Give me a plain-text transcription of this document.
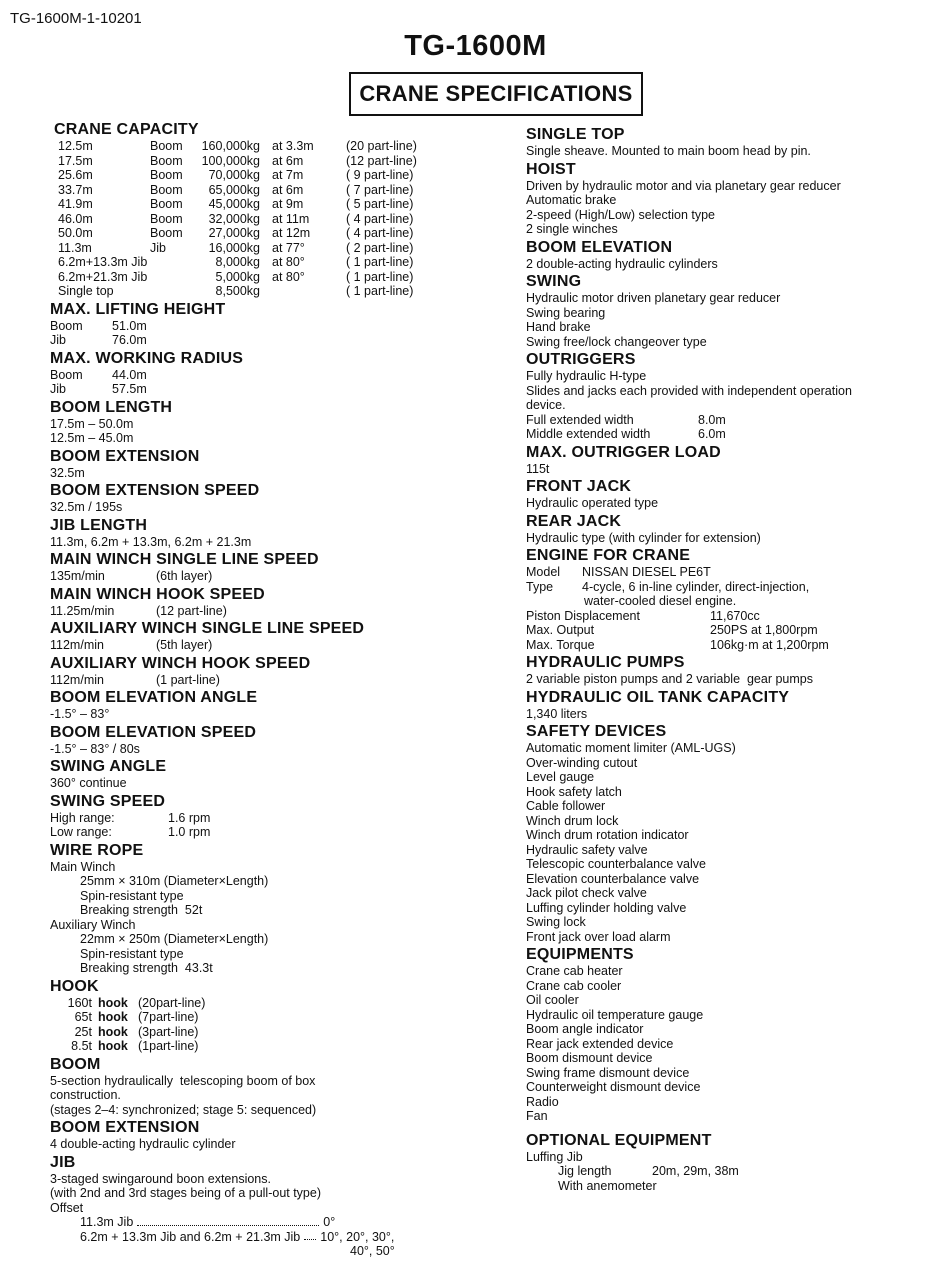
TG-1600M-1-10201
TG-1600M
CRANE SPECIFICATIONS
CRANE CAPACITY
12.5m	Boom	160,000kg	at 3.3m	(20 part-line)
17.5m	Boom	100,000kg	at 6m	(12 part-line)
25.6m	Boom	70,000kg	at 7m	( 9 part-line)
33.7m	Boom	65,000kg	at 6m	( 7 part-line)
41.9m	Boom	45,000kg	at 9m	( 5 part-line)
46.0m	Boom	32,000kg	at 11m	( 4 part-line)
50.0m	Boom	27,000kg	at 12m	( 4 part-line)
11.3m	Jib	16,000kg	at 77°	( 2 part-line)
6.2m+13.3m Jib		8,000kg	at 80°	( 1 part-line)
6.2m+21.3m Jib		5,000kg	at 80°	( 1 part-line)
Single top		8,500kg		( 1 part-line)
MAX. LIFTING HEIGHT
Boom	51.0m
Jib	76.0m
MAX. WORKING RADIUS
Boom	44.0m
Jib	57.5m
BOOM LENGTH
17.5m – 50.0m
12.5m – 45.0m
BOOM EXTENSION
32.5m
BOOM EXTENSION SPEED
32.5m / 195s
JIB LENGTH
11.3m, 6.2m + 13.3m, 6.2m + 21.3m
MAIN WINCH SINGLE LINE SPEED
135m/min	(6th layer)
MAIN WINCH HOOK SPEED
11.25m/min	(12 part-line)
AUXILIARY WINCH SINGLE LINE SPEED
112m/min	(5th layer)
AUXILIARY WINCH HOOK SPEED
112m/min	(1 part-line)
BOOM ELEVATION ANGLE
-1.5° – 83°
BOOM ELEVATION SPEED
-1.5° – 83° / 80s
SWING ANGLE
360° continue
SWING SPEED
High range:	1.6 rpm
Low range:	1.0 rpm
WIRE ROPE
Main Winch
25mm × 310m (Diameter×Length)
Spin-resistant type
Breaking strength  52t
Auxiliary Winch
22mm × 250m (Diameter×Length)
Spin-resistant type
Breaking strength  43.3t
HOOK
160t hook (20part-line)
65t hook (7part-line)
25t hook (3part-line)
8.5t hook (1part-line)
BOOM
5-section hydraulically  telescoping boom of box
construction.
(stages 2–4: synchronized; stage 5: sequenced)
BOOM EXTENSION
4 double-acting hydraulic cylinder
JIB
3-staged swingaround boon extensions.
(with 2nd and 3rd stages being of a pull-out type)
Offset
11.3m Jib	0°
6.2m + 13.3m Jib and 6.2m + 21.3m Jib 10°, 20°, 30°,
40°, 50°
SINGLE TOP
Single sheave. Mounted to main boom head by pin.
HOIST
Driven by hydraulic motor and via planetary gear reducer
Automatic brake
2-speed (High/Low) selection type
2 single winches
BOOM ELEVATION
2 double-acting hydraulic cylinders
SWING
Hydraulic motor driven planetary gear reducer
Swing bearing
Hand brake
Swing free/lock changeover type
OUTRIGGERS
Fully hydraulic H-type
Slides and jacks each provided with independent operation
device.
Full extended width	8.0m
Middle extended width	6.0m
MAX. OUTRIGGER LOAD
115t
FRONT JACK
Hydraulic operated type
REAR JACK
Hydraulic type (with cylinder for extension)
ENGINE FOR CRANE
Model	NISSAN DIESEL PE6T
Type	4-cycle, 6 in-line cylinder, direct-injection,
water-cooled diesel engine.
Piston Displacement	11,670cc
Max. Output	250PS at 1,800rpm
Max. Torque	106kg·m at 1,200rpm
HYDRAULIC PUMPS
2 variable piston pumps and 2 variable  gear pumps
HYDRAULIC OIL TANK CAPACITY
1,340 liters
SAFETY DEVICES
Automatic moment limiter (AML-UGS)
Over-winding cutout
Level gauge
Hook safety latch
Cable follower
Winch drum lock
Winch drum rotation indicator
Hydraulic safety valve
Telescopic counterbalance valve
Elevation counterbalance valve
Jack pilot check valve
Luffing cylinder holding valve
Swing lock
Front jack over load alarm
EQUIPMENTS
Crane cab heater
Crane cab cooler
Oil cooler
Hydraulic oil temperature gauge
Boom angle indicator
Rear jack extended device
Boom dismount device
Swing frame dismount device
Counterweight dismount device
Radio
Fan
OPTIONAL EQUIPMENT
Luffing Jib
Jig length	20m, 29m, 38m
With anemometer
